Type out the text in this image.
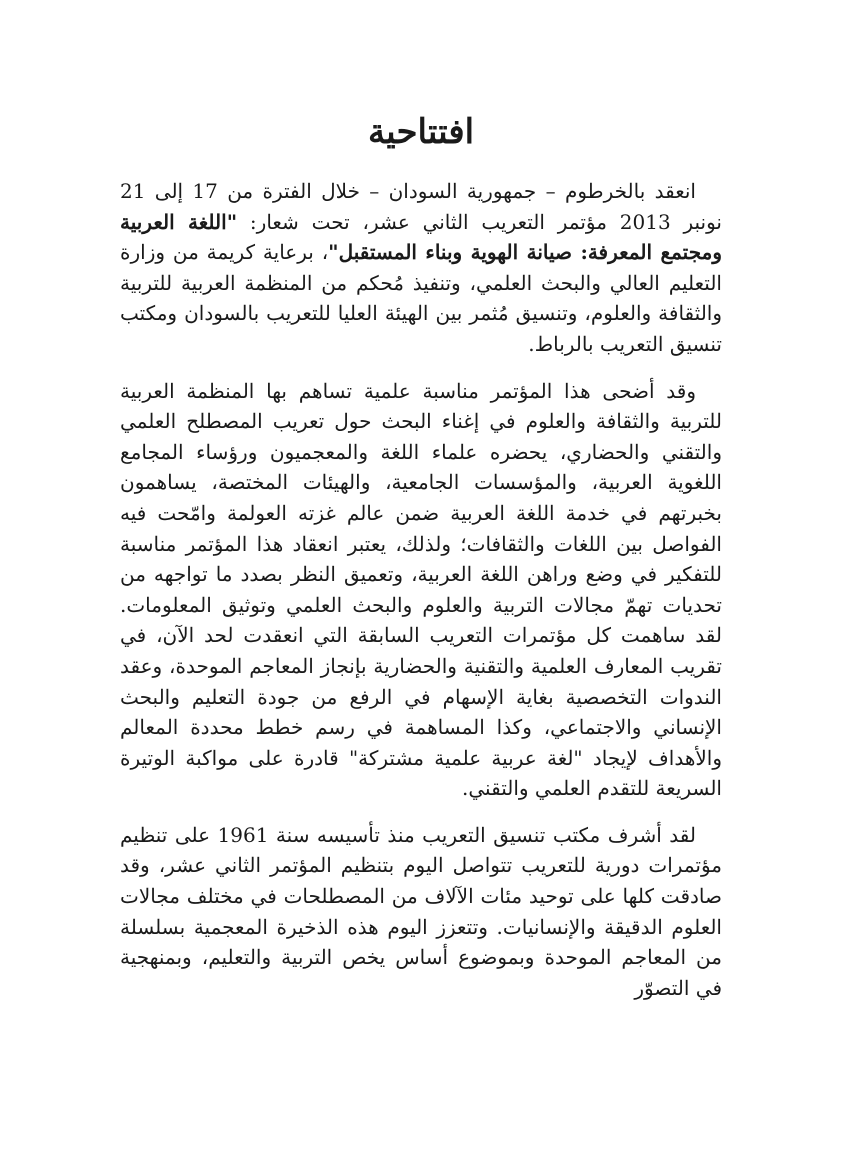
افتتاحية

انعقد بالخرطوم – جمهورية السودان – خلال الفترة من 17 إلى 21 نونبر 2013 مؤتمر التعريب الثاني عشر، تحت شعار: "اللغة العربية ومجتمع المعرفة: صيانة الهوية وبناء المستقبل"، برعاية كريمة من وزارة التعليم العالي والبحث العلمي، وتنفيذ مُحكم من المنظمة العربية للتربية والثقافة والعلوم، وتنسيق مُثمر بين الهيئة العليا للتعريب بالسودان ومكتب تنسيق التعريب بالرباط.

وقد أضحى هذا المؤتمر مناسبة علمية تساهم بها المنظمة العربية للتربية والثقافة والعلوم في إغناء البحث حول تعريب المصطلح العلمي والتقني والحضاري، يحضره علماء اللغة والمعجميون ورؤساء المجامع اللغوية العربية، والمؤسسات الجامعية، والهيئات المختصة، يساهمون بخبرتهم في خدمة اللغة العربية ضمن عالم غزته العولمة وامّحت فيه الفواصل بين اللغات والثقافات؛ ولذلك، يعتبر انعقاد هذا المؤتمر مناسبة للتفكير في وضع وراهن اللغة العربية، وتعميق النظر بصدد ما تواجهه من تحديات تهمّ مجالات التربية والعلوم والبحث العلمي وتوثيق المعلومات. لقد ساهمت كل مؤتمرات التعريب السابقة التي انعقدت لحد الآن، في تقريب المعارف العلمية والتقنية والحضارية بإنجاز المعاجم الموحدة، وعقد الندوات التخصصية بغاية الإسهام في الرفع من جودة التعليم والبحث الإنساني والاجتماعي، وكذا المساهمة في رسم خطط محددة المعالم والأهداف لإيجاد "لغة عربية علمية مشتركة" قادرة على مواكبة الوتيرة السريعة للتقدم العلمي والتقني.

لقد أشرف مكتب تنسيق التعريب منذ تأسيسه سنة 1961 على تنظيم مؤتمرات دورية للتعريب تتواصل اليوم بتنظيم المؤتمر الثاني عشر، وقد صادقت كلها على توحيد مئات الآلاف من المصطلحات في مختلف مجالات العلوم الدقيقة والإنسانيات. وتتعزز اليوم هذه الذخيرة المعجمية بسلسلة من المعاجم الموحدة وبموضوع أساس يخص التربية والتعليم، وبمنهجية في التصوّر
